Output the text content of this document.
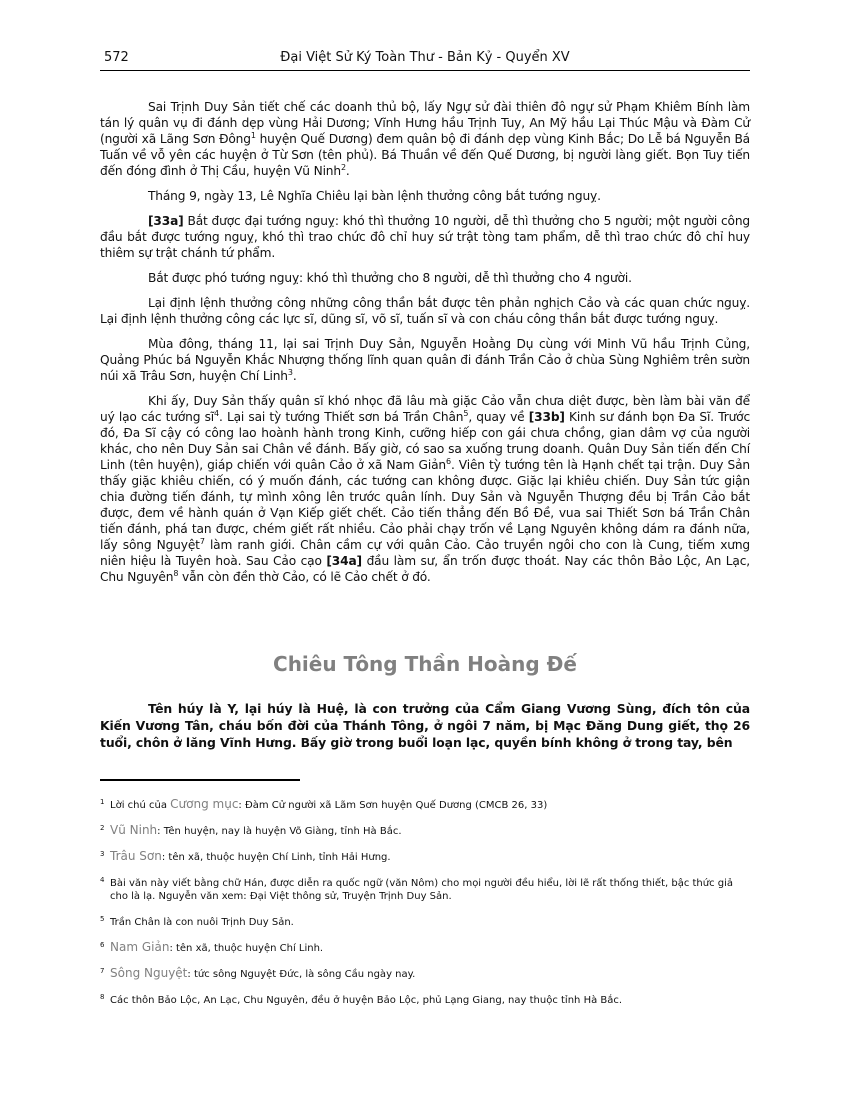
572	Đại Việt Sử Ký Toàn Thư - Bản Kỷ - Quyển XV

Sai Trịnh Duy Sản tiết chế các doanh thủ bộ, lấy Ngự sử đài thiên đô ngự sử Phạm Khiêm Bính làm tán lý quân vụ đi đánh dẹp vùng Hải Dương; Vĩnh Hưng hầu Trịnh Tuy, An Mỹ hầu Lại Thúc Mậu và Đàm Cử (người xã Lãng Sơn Đông$^1$ huyện Quế Dương) đem quân bộ đi đánh dẹp vùng Kinh Bắc; Do Lễ bá Nguyễn Bá Tuấn về vỗ yên các huyện ở Từ Sơn (tên phủ). Bá Thuần về đến Quế Dương, bị người làng giết. Bọn Tuy tiến đến đóng đình ở Thị Cầu, huyện Vũ Ninh$^2$.

Tháng 9, ngày 13, Lê Nghĩa Chiêu lại bàn lệnh thưởng công bắt tướng nguỵ.

[33a] Bắt được đại tướng nguỵ: khó thì thưởng 10 người, dễ thì thưởng cho 5 người; một người công đầu bắt được tướng nguỵ, khó thì trao chức đô chỉ huy sứ trật tòng tam phẩm, dễ thì trao chức đô chỉ huy thiêm sự trật chánh tứ phẩm.

Bắt được phó tướng nguỵ: khó thì thưởng cho 8 người, dễ thì thưởng cho 4 người.

Lại định lệnh thưởng công những công thần bắt được tên phản nghịch Cảo và các quan chức nguỵ. Lại định lệnh thưởng công các lực sĩ, dũng sĩ, võ sĩ, tuấn sĩ và con cháu công thần bắt được tướng nguỵ.

Mùa đông, tháng 11, lại sai Trịnh Duy Sản, Nguyễn Hoằng Dụ cùng với Minh Vũ hầu Trịnh Củng, Quảng Phúc bá Nguyễn Khắc Nhượng thống lĩnh quan quân đi đánh Trần Cảo ở chùa Sùng Nghiêm trên sườn núi xã Trâu Sơn, huyện Chí Linh$^3$.

Khi ấy, Duy Sản thấy quân sĩ khó nhọc đã lâu mà giặc Cảo vẫn chưa diệt được, bèn làm bài văn để uý lạo các tướng $sĩ^4$. Lại sai tỳ tướng Thiết sơn bá Trần Chân$^5$, quay về [33b] Kinh sư đánh bọn Đa Sĩ. Trước đó, Đa Sĩ cậy có công lao hoành hành trong Kinh, cưỡng hiếp con gái chưa chồng, gian dâm vợ của người khác, cho nên Duy Sản sai Chân về đánh. Bấy giờ, có sao sa xuống trung doanh. Quân Duy Sản tiến đến Chí Linh (tên huyện), giáp chiến với quân Cảo ở xã Nam Giản$^6$. Viên tỳ tướng tên là Hạnh chết tại trận. Duy Sản thấy giặc khiêu chiến, có ý muốn đánh, các tướng can không được. Giặc lại khiêu chiến. Duy Sản tức giận chia đường tiến đánh, tự mình xông lên trước quân lính. Duy Sản và Nguyễn Thượng đều bị Trần Cảo bắt được, đem về hành quán ở Vạn Kiếp giết chết. Cảo tiến thẳng đến Bồ Đề, vua sai Thiết Sơn bá Trần Chân tiến đánh, phá tan được, chém giết rất nhiều. Cảo phải chạy trốn về Lạng Nguyên không dám ra đánh nữa, lấy sông Nguyệt$^7$ làm ranh giới. Chân cầm cự với quân Cảo. Cảo truyền ngôi cho con là Cung, tiếm xưng niên hiệu là Tuyên hoà. Sau Cảo cạo [34a] đầu làm sư, ẩn trốn được thoát. Nay các thôn Bảo Lộc, An Lạc, Chu Nguyên$^8$ vẫn còn đền thờ Cảo, có lẽ Cảo chết ở đó.

Chiêu Tông Thần Hoàng Đế

Tên húy là Y, lại húy là Huệ, là con trưởng của Cẩm Giang Vương Sùng, đích tôn của Kiến Vương Tân, cháu bốn đời của Thánh Tông, ở ngôi 7 năm, bị Mạc Đăng Dung giết, thọ 26 tuổi, chôn ở lăng Vĩnh Hưng. Bấy giờ trong buổi loạn lạc, quyền bính không ở trong tay, bên

1 Lời chú của Cương mục: Đàm Cử người xã Lãm Sơn huyện Quế Dương (CMCB 26, 33)
2 Vũ Ninh: Tên huyện, nay là huyện Võ Giàng, tỉnh Hà Bắc.
3 Trâu Sơn: tên xã, thuộc huyện Chí Linh, tỉnh Hải Hưng.
4 Bài văn này viết bằng chữ Hán, được diễn ra quốc ngữ (văn Nôm) cho mọi người đều hiểu, lời lẽ rất thống thiết, bậc thức giả cho là lạ. Nguyễn văn xem: Đại Việt thông sử, Truyện Trịnh Duy Sản.
5 Trần Chân là con nuôi Trịnh Duy Sản.
6 Nam Giản: tên xã, thuộc huyện Chí Linh.
7 Sông Nguyệt: tức sông Nguyệt Đức, là sông Cầu ngày nay.
8 Các thôn Bảo Lộc, An Lạc, Chu Nguyên, đều ở huyện Bảo Lộc, phủ Lạng Giang, nay thuộc tỉnh Hà Bắc.
